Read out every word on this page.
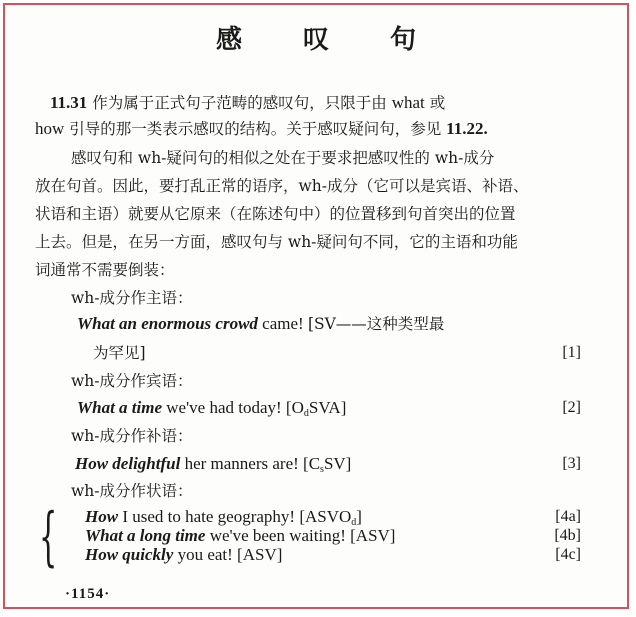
感 叹 句
11.31 作为属于正式句子范畴的感叹句，只限于由 what 或
how 引导的那一类表示感叹的结构。关于感叹疑问句，参见 11.22.
感叹句和 wh-疑问句的相似之处在于要求把感叹性的 wh-成分
放在句首。因此，要打乱正常的语序，wh-成分（它可以是宾语、补语、
状语和主语）就要从它原来（在陈述句中）的位置移到句首突出的位置
上去。但是，在另一方面，感叹句与 wh-疑问句不同，它的主语和功能
词通常不需要倒装：
wh-成分作主语：
What an enormous crowd came! [SV——这种类型最
为罕见]	[1]
wh-成分作宾语：
What a time we've had today! $[O_dSVA]$	[2]
wh-成分作补语：
How delightful her manners are! $[C_sSV]$	[3]
wh-成分作状语：
{ How I used to hate geography! $[ASVO_d]$	[4a]
What a long time we've been waiting! [ASV]	[4b]
How quickly you eat! [ASV]	[4c]
·1154·
